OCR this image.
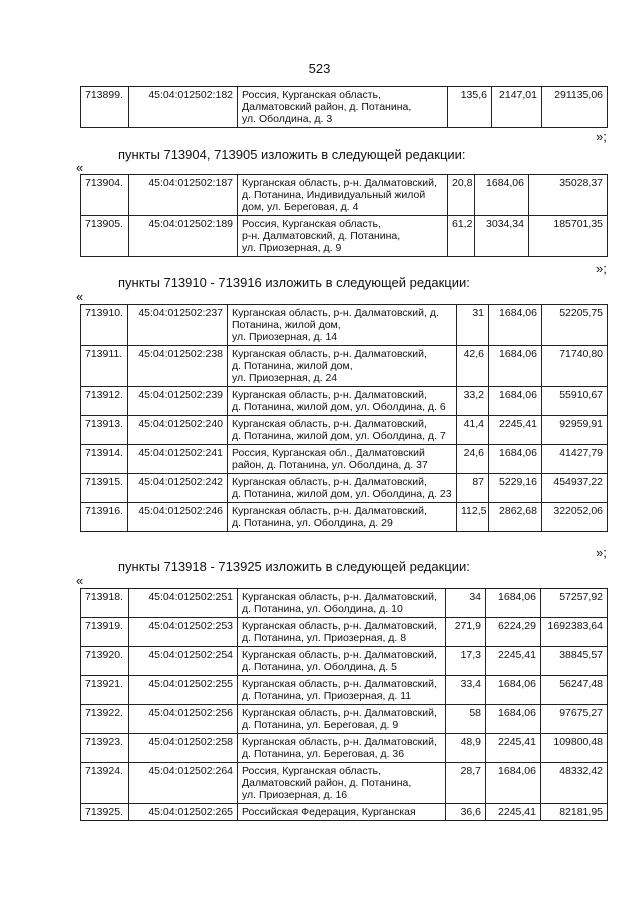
523
713899.	45:04:012502:182	Россия, Курганская область,
Далматовский район, д. Потанина,
ул. Оболдина, д. 3
	135,6	2147,01	291135,06
»;
пункты 713904, 713905 изложить в следующей редакции:
«
713904.	45:04:012502:187	Курганская область, р-н. Далматовский,
д. Потанина, Индивидуальный жилой
дом, ул. Береговая, д. 4	20,8	1684,06	35028,37
713905.	45:04:012502:189	Россия, Курганская область,
р-н. Далматовский, д. Потанина,
ул. Приозерная, д. 9	61,2	3034,34	185701,35
»;
пункты 713910 - 713916 изложить в следующей редакции:
«
713910.	45:04:012502:237	Курганская область, р-н. Далматовский, д.
Потанина, жилой дом,
ул. Приозерная, д. 14	31	1684,06	52205,75
713911.	45:04:012502:238	Курганская область, р-н. Далматовский,
д. Потанина, жилой дом,
ул. Приозерная, д. 24	42,6	1684,06	71740,80
713912.	45:04:012502:239	Курганская область, р-н. Далматовский,
д. Потанина, жилой дом, ул. Оболдина, д. 6	33,2	1684,06	55910,67
713913.	45:04:012502:240	Курганская область, р-н. Далматовский,
д. Потанина, жилой дом, ул. Оболдина, д. 7	41,4	2245,41	92959,91
713914.	45:04:012502:241	Россия, Курганская обл., Далматовский
район, д. Потанина, ул. Оболдина, д. 37	24,6	1684,06	41427,79
713915.	45:04:012502:242	Курганская область, р-н. Далматовский,
д. Потанина, жилой дом, ул. Оболдина, д. 23	87	5229,16	454937,22
713916.	45:04:012502:246	Курганская область, р-н. Далматовский,
д. Потанина, ул. Оболдина, д. 29	112,5	2862,68	322052,06
»;
пункты 713918 - 713925 изложить в следующей редакции:
«
713918.	45:04:012502:251	Курганская область, р-н. Далматовский,
д. Потанина, ул. Оболдина, д. 10	34	1684,06	57257,92
713919.	45:04:012502:253	Курганская область, р-н. Далматовский,
д. Потанина, ул. Приозерная, д. 8	271,9	6224,29	1692383,64
713920.	45:04:012502:254	Курганская область, р-н. Далматовский,
д. Потанина, ул. Оболдина, д. 5	17,3	2245,41	38845,57
713921.	45:04:012502:255	Курганская область, р-н. Далматовский,
д. Потанина, ул. Приозерная, д. 11	33,4	1684,06	56247,48
713922.	45:04:012502:256	Курганская область, р-н. Далматовский,
д. Потанина, ул. Береговая, д. 9	58	1684,06	97675,27
713923.	45:04:012502:258	Курганская область, р-н. Далматовский,
д. Потанина, ул. Береговая, д. 36	48,9	2245,41	109800,48
713924.	45:04:012502:264	Россия, Курганская область,
Далматовский район, д. Потанина,
ул. Приозерная, д. 16	28,7	1684,06	48332,42
713925.	45:04:012502:265	Российская Федерация, Курганская	36,6	2245,41	82181,95
